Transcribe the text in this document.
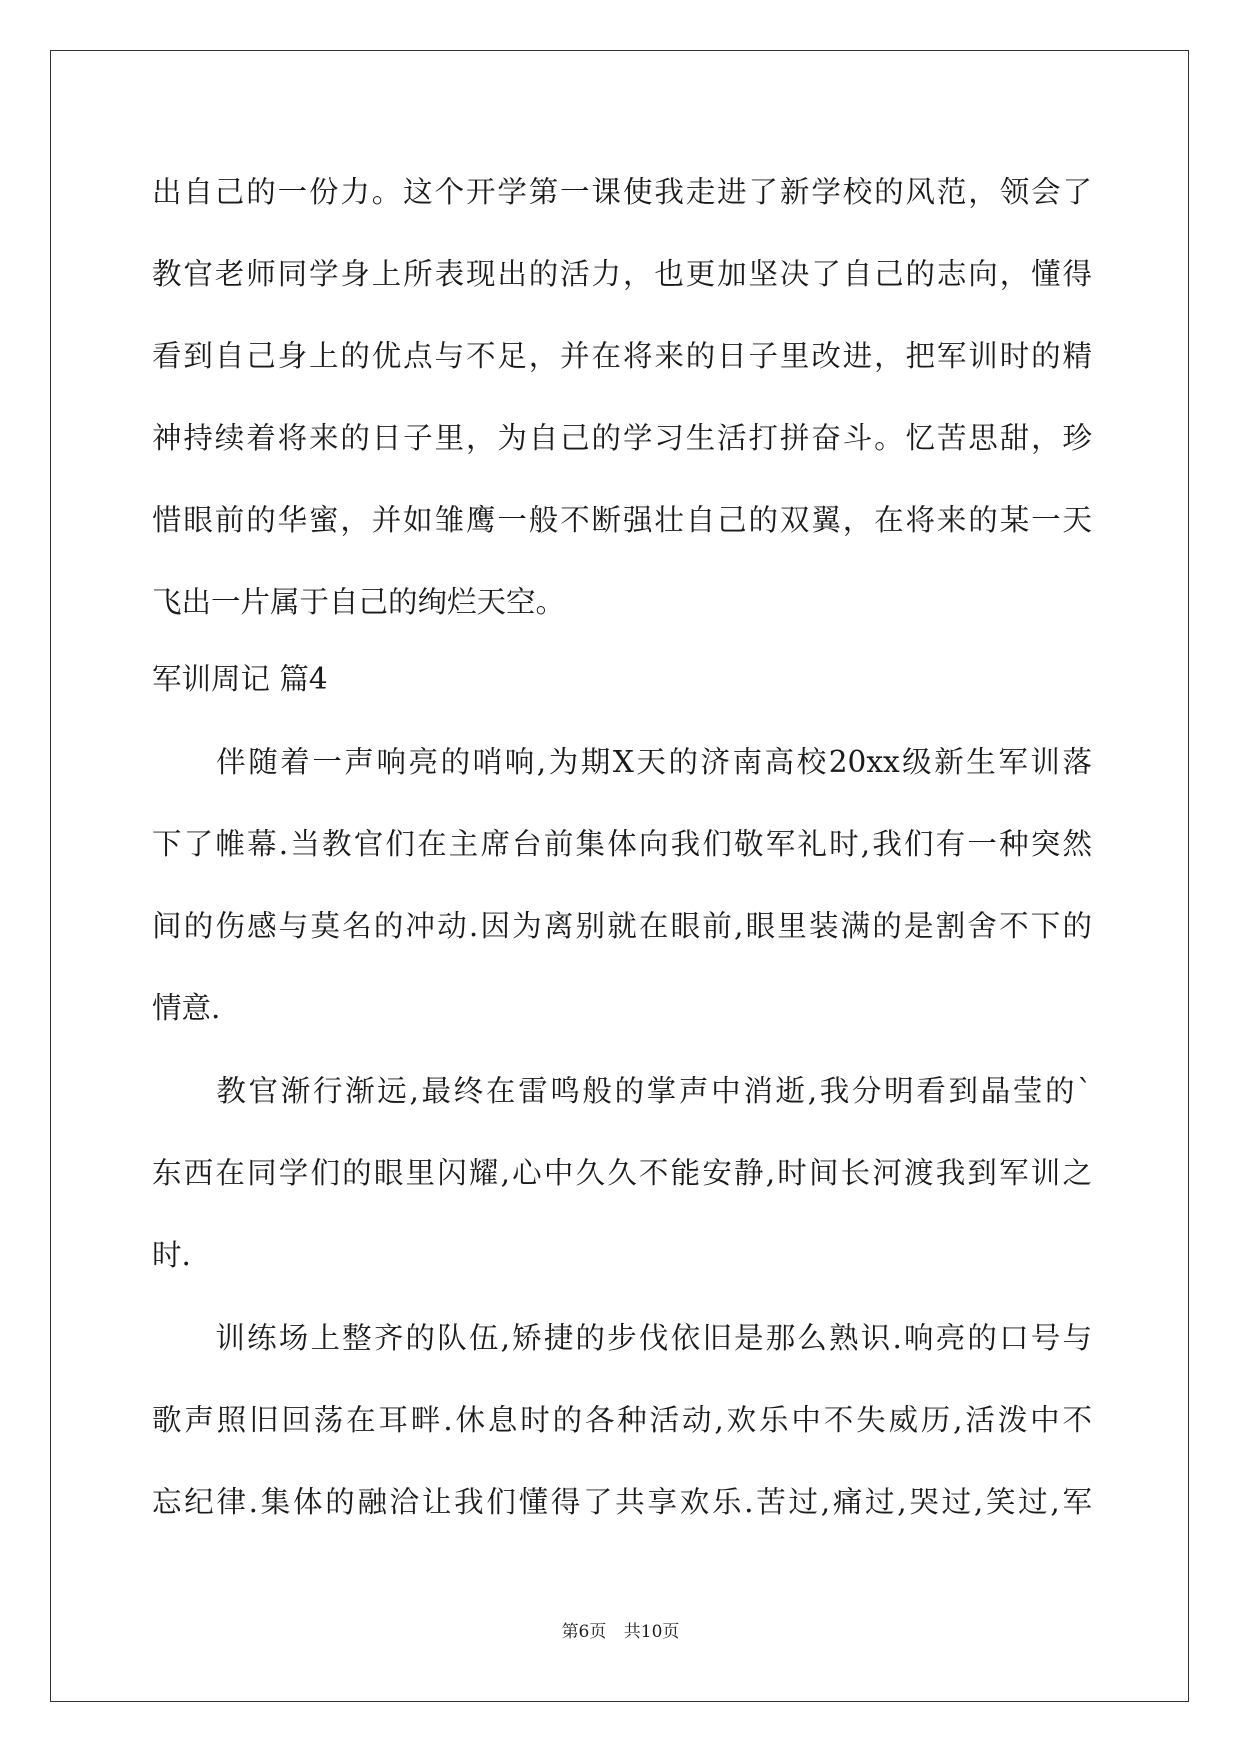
出自己的一份力。这个开学第一课使我走进了新学校的风范，领会了
教官老师同学身上所表现出的活力，也更加坚决了自己的志向，懂得
看到自己身上的优点与不足，并在将来的日子里改进，把军训时的精
神持续着将来的日子里，为自己的学习生活打拼奋斗。忆苦思甜，珍
惜眼前的华蜜，并如雏鹰一般不断强壮自己的双翼，在将来的某一天
飞出一片属于自己的绚烂天空。
军训周记 篇4
　　伴随着一声响亮的哨响,为期X天的济南高校20xx级新生军训落
下了帷幕.当教官们在主席台前集体向我们敬军礼时,我们有一种突然
间的伤感与莫名的冲动.因为离别就在眼前,眼里装满的是割舍不下的
情意.
　　教官渐行渐远,最终在雷鸣般的掌声中消逝,我分明看到晶莹的`
东西在同学们的眼里闪耀,心中久久不能安静,时间长河渡我到军训之
时.
　　训练场上整齐的队伍,矫捷的步伐依旧是那么熟识.响亮的口号与
歌声照旧回荡在耳畔.休息时的各种活动,欢乐中不失威历,活泼中不
忘纪律.集体的融洽让我们懂得了共享欢乐.苦过,痛过,哭过,笑过,军
第6页 共10页
